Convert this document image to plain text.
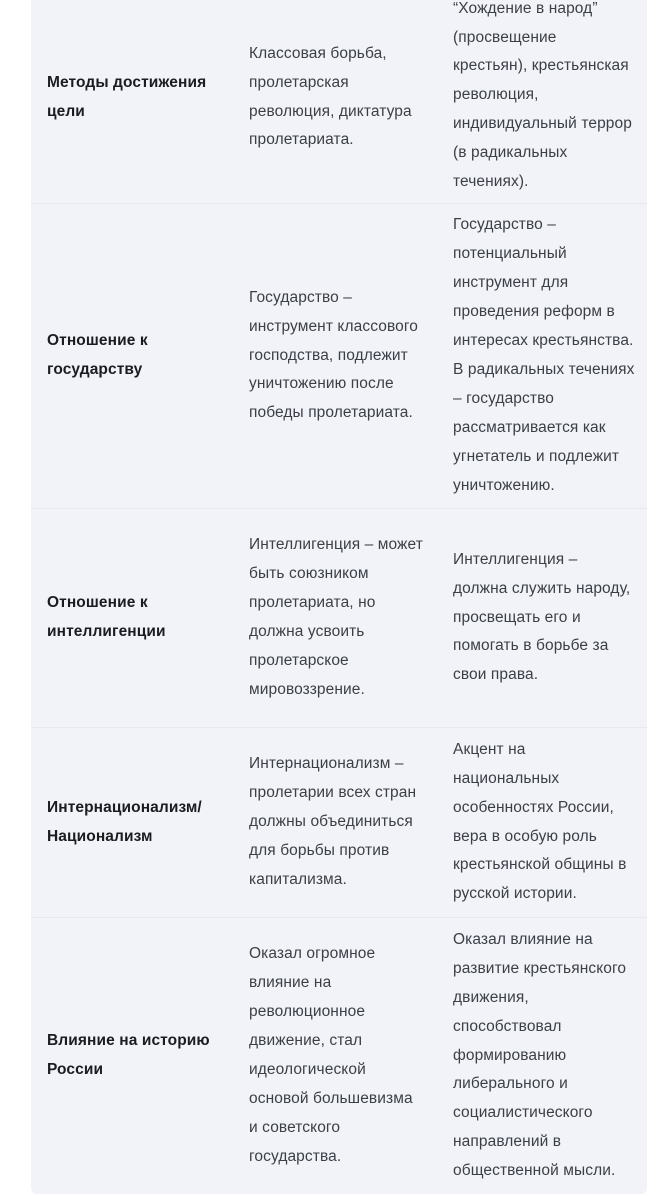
Методы достижения цели
Классовая борьба, пролетарская революция, диктатура пролетариата.
“Хождение в народ” (просвещение крестьян), крестьянская революция, индивидуальный террор (в радикальных течениях).
Отношение к государству
Государство – инструмент классового господства, подлежит уничтожению после победы пролетариата.
Государство – потенциальный инструмент для проведения реформ в интересах крестьянства. В радикальных течениях – государство рассматривается как угнетатель и подлежит уничтожению.
Отношение к интеллигенции
Интеллигенция – может быть союзником пролетариата, но должна усвоить пролетарское мировоззрение.
Интеллигенция – должна служить народу, просвещать его и помогать в борьбе за свои права.
Интернационализм/ Национализм
Интернационализм – пролетарии всех стран должны объединиться для борьбы против капитализма.
Акцент на национальных особенностях России, вера в особую роль крестьянской общины в русской истории.
Влияние на историю России
Оказал огромное влияние на революционное движение, стал идеологической основой большевизма и советского государства.
Оказал влияние на развитие крестьянского движения, способствовал формированию либерального и социалистического направлений в общественной мысли.
